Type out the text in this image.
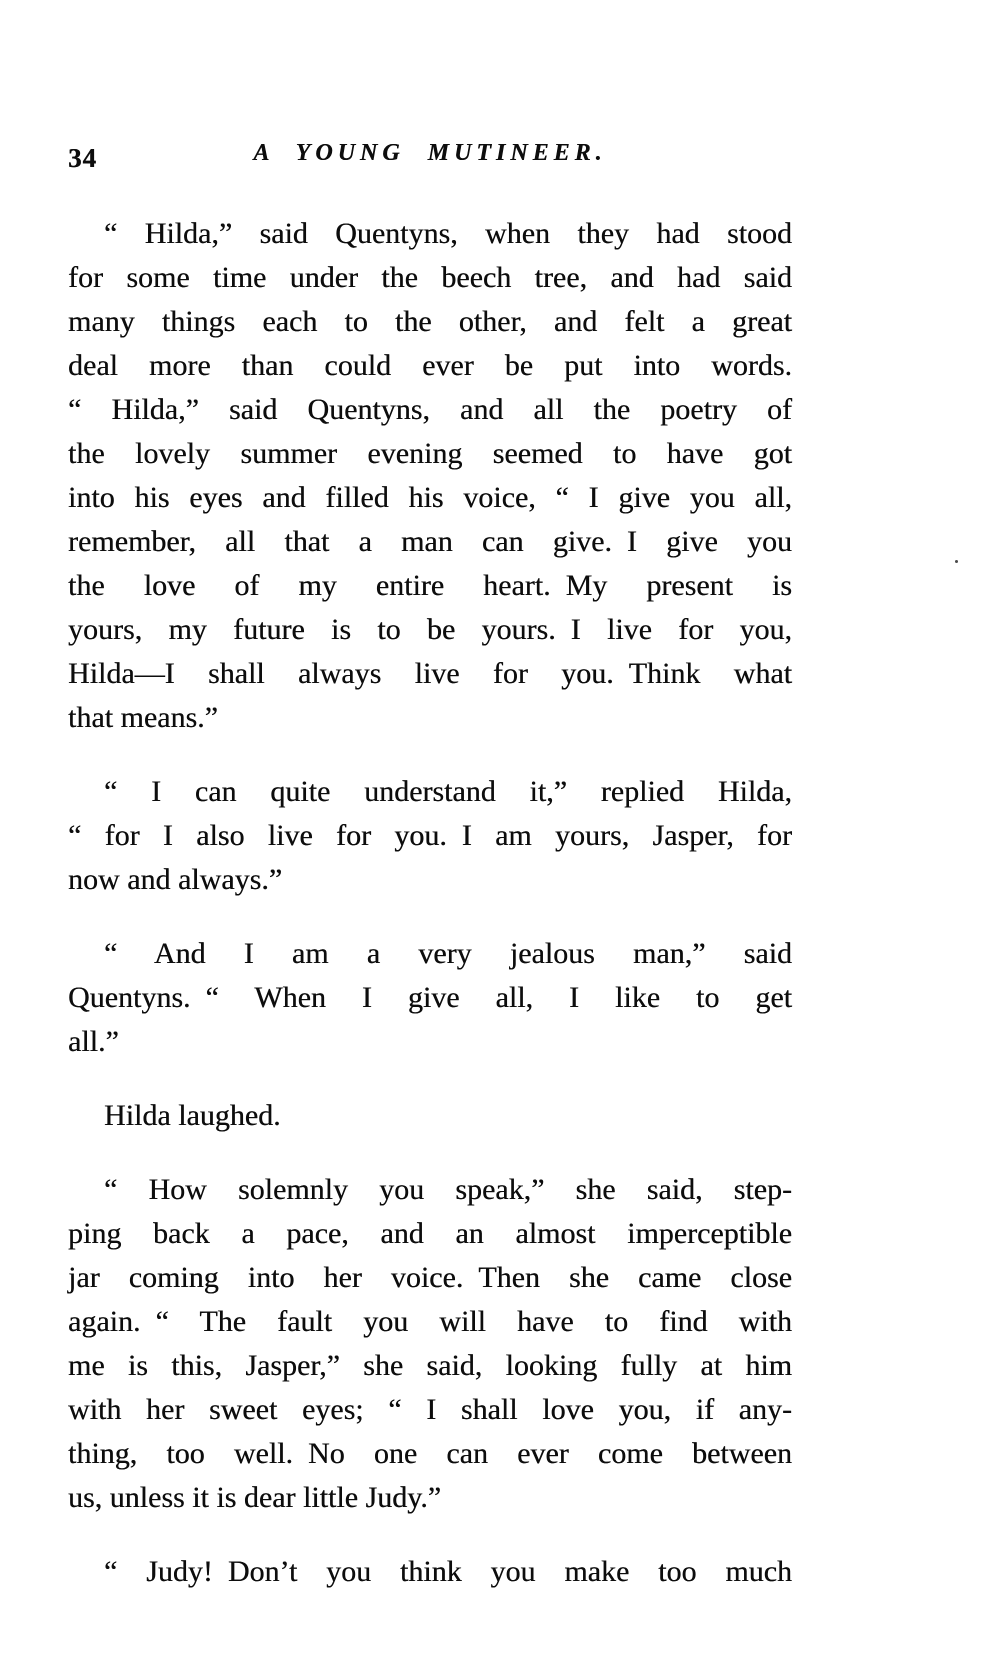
34	A YOUNG MUTINEER.

“ Hilda,” said Quentyns, when they had stood
for some time under the beech tree, and had said
many things each to the other, and felt a great
deal more than could ever be put into words.
“ Hilda,” said Quentyns, and all the poetry of
the lovely summer evening seemed to have got
into his eyes and filled his voice, “ I give you all,
remember, all that a man can give. I give you
the love of my entire heart. My present is
yours, my future is to be yours. I live for you,
Hilda—I shall always live for you. Think what
that means.”

“ I can quite understand it,” replied Hilda,
“ for I also live for you. I am yours, Jasper, for
now and always.”

“ And I am a very jealous man,” said
Quentyns. “ When I give all, I like to get
all.”

Hilda laughed.

“ How solemnly you speak,” she said, step-
ping back a pace, and an almost imperceptible
jar coming into her voice. Then she came close
again. “ The fault you will have to find with
me is this, Jasper,” she said, looking fully at him
with her sweet eyes; “ I shall love you, if any-
thing, too well. No one can ever come between
us, unless it is dear little Judy.”

“ Judy! Don’t you think you make too much
